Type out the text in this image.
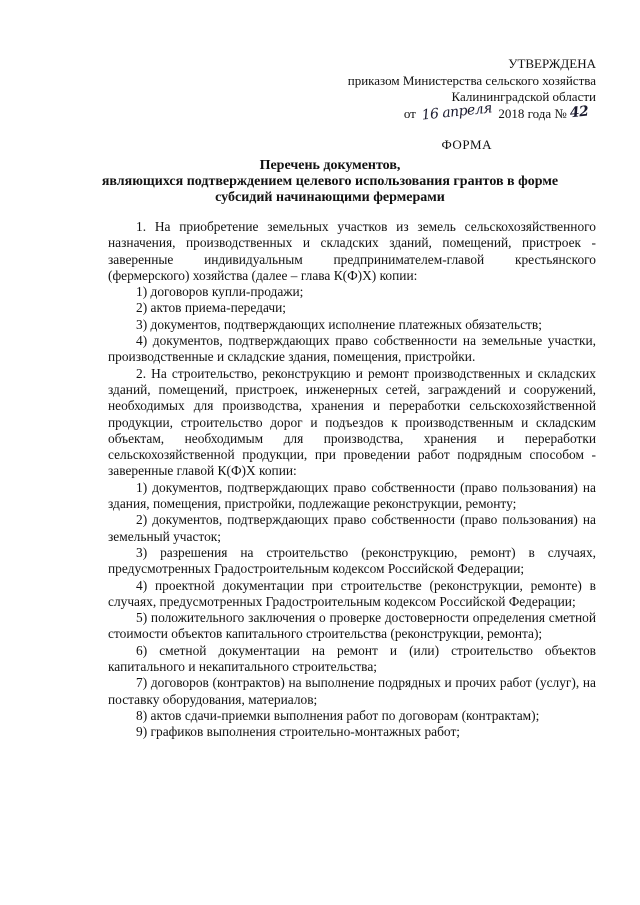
УТВЕРЖДЕНА
приказом Министерства сельского хозяйства
Калининградской области
от 16 апреля 2018 года № 42
ФОРМА
Перечень документов,
являющихся подтверждением целевого использования грантов в форме
субсидий начинающими фермерами

1. На приобретение земельных участков из земель сельскохозяйственного назначения, производственных и складских зданий, помещений, пристроек - заверенные индивидуальным предпринимателем-главой крестьянского (фермерского) хозяйства (далее – глава К(Ф)Х) копии:

1) договоров купли-продажи;

2) актов приема-передачи;

3) документов, подтверждающих исполнение платежных обязательств;

4) документов, подтверждающих право собственности на земельные участки, производственные и складские здания, помещения, пристройки.

2. На строительство, реконструкцию и ремонт производственных и складских зданий, помещений, пристроек, инженерных сетей, заграждений и сооружений, необходимых для производства, хранения и переработки сельскохозяйственной продукции, строительство дорог и подъездов к производственным и складским объектам, необходимым для производства, хранения и переработки сельскохозяйственной продукции, при проведении работ подрядным способом - заверенные главой К(Ф)Х копии:

1) документов, подтверждающих право собственности (право пользования) на здания, помещения, пристройки, подлежащие реконструкции, ремонту;

2) документов, подтверждающих право собственности (право пользования) на земельный участок;

3) разрешения на строительство (реконструкцию, ремонт) в случаях, предусмотренных Градостроительным кодексом Российской Федерации;

4) проектной документации при строительстве (реконструкции, ремонте) в случаях, предусмотренных Градостроительным кодексом Российской Федерации;

5) положительного заключения о проверке достоверности определения сметной стоимости объектов капитального строительства (реконструкции, ремонта);

6) сметной документации на ремонт и (или) строительство объектов капитального и некапитального строительства;

7) договоров (контрактов) на выполнение подрядных и прочих работ (услуг), на поставку оборудования, материалов;

8) актов сдачи-приемки выполнения работ по договорам (контрактам);

9) графиков выполнения строительно-монтажных работ;
